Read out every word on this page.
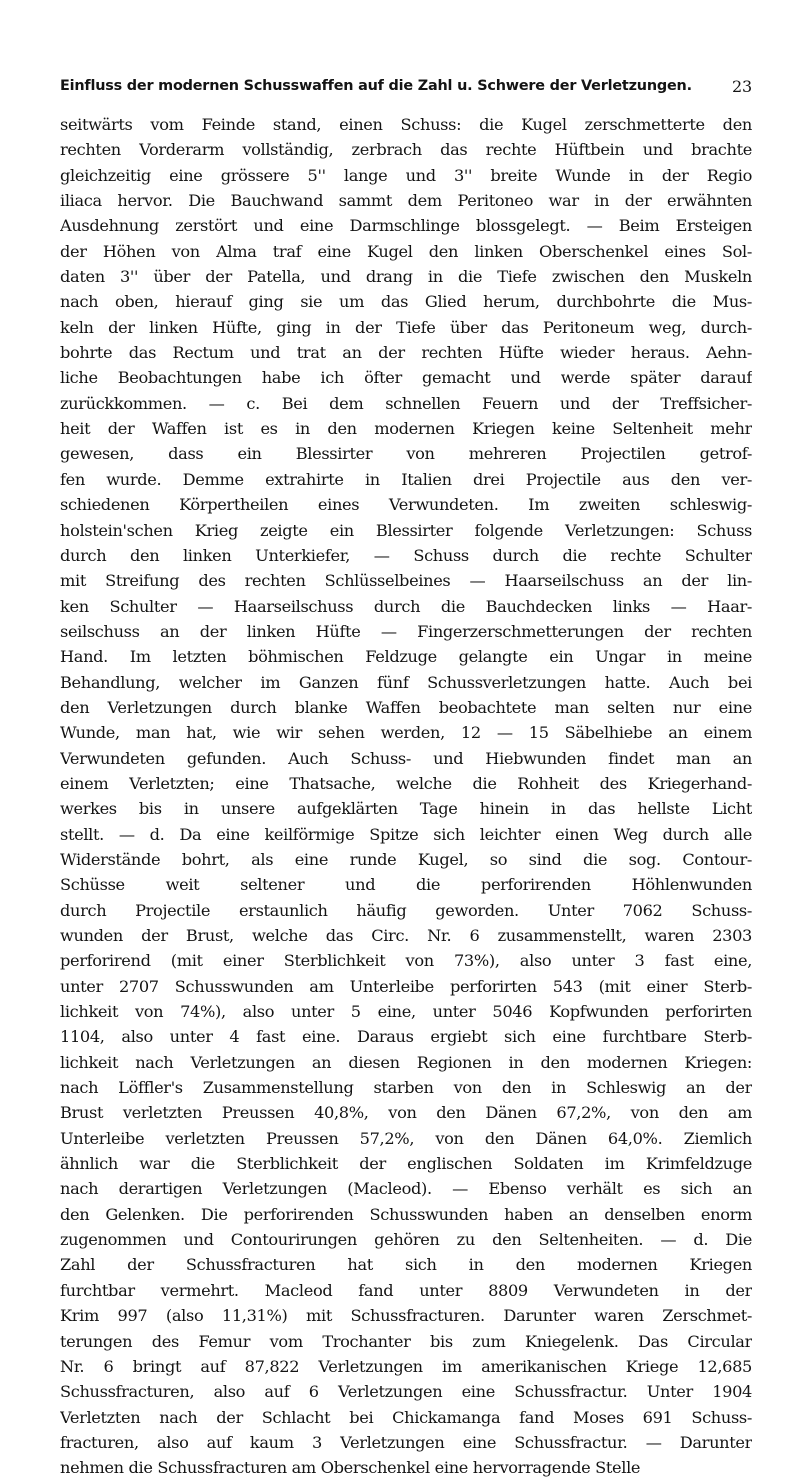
Einfluss der modernen Schusswaffen auf die Zahl u. Schwere der Verletzungen.	23
seitwärts vom Feinde stand, einen Schuss: die Kugel zerschmetterte den
rechten Vorderarm vollständig, zerbrach das rechte Hüftbein und brachte
gleichzeitig eine grössere 5'' lange und 3'' breite Wunde in der Regio
iliaca hervor. Die Bauchwand sammt dem Peritoneo war in der erwähnten
Ausdehnung zerstört und eine Darmschlinge blossgelegt. — Beim Ersteigen
der Höhen von Alma traf eine Kugel den linken Oberschenkel eines Sol-
daten 3'' über der Patella, und drang in die Tiefe zwischen den Muskeln
nach oben, hierauf ging sie um das Glied herum, durchbohrte die Mus-
keln der linken Hüfte, ging in der Tiefe über das Peritoneum weg, durch-
bohrte das Rectum und trat an der rechten Hüfte wieder heraus. Aehn-
liche Beobachtungen habe ich öfter gemacht und werde später darauf
zurückkommen. — c. Bei dem schnellen Feuern und der Treffsicher-
heit der Waffen ist es in den modernen Kriegen keine Seltenheit mehr
gewesen, dass ein Blessirter von mehreren Projectilen getrof-
fen wurde. Demme extrahirte in Italien drei Projectile aus den ver-
schiedenen Körpertheilen eines Verwundeten. Im zweiten schleswig-
holstein'schen Krieg zeigte ein Blessirter folgende Verletzungen: Schuss
durch den linken Unterkiefer, — Schuss durch die rechte Schulter
mit Streifung des rechten Schlüsselbeines — Haarseilschuss an der lin-
ken Schulter — Haarseilschuss durch die Bauchdecken links — Haar-
seilschuss an der linken Hüfte — Fingerzerschmetterungen der rechten
Hand. Im letzten böhmischen Feldzuge gelangte ein Ungar in meine
Behandlung, welcher im Ganzen fünf Schussverletzungen hatte. Auch bei
den Verletzungen durch blanke Waffen beobachtete man selten nur eine
Wunde, man hat, wie wir sehen werden, 12 — 15 Säbelhiebe an einem
Verwundeten gefunden. Auch Schuss- und Hiebwunden findet man an
einem Verletzten; eine Thatsache, welche die Rohheit des Kriegerhand-
werkes bis in unsere aufgeklärten Tage hinein in das hellste Licht
stellt. — d. Da eine keilförmige Spitze sich leichter einen Weg durch alle
Widerstände bohrt, als eine runde Kugel, so sind die sog. Contour-
Schüsse weit seltener und die perforirenden Höhlenwunden
durch Projectile erstaunlich häufig geworden. Unter 7062 Schuss-
wunden der Brust, welche das Circ. Nr. 6 zusammenstellt, waren 2303
perforirend (mit einer Sterblichkeit von 73%), also unter 3 fast eine,
unter 2707 Schusswunden am Unterleibe perforirten 543 (mit einer Sterb-
lichkeit von 74%), also unter 5 eine, unter 5046 Kopfwunden perforirten
1104, also unter 4 fast eine. Daraus ergiebt sich eine furchtbare Sterb-
lichkeit nach Verletzungen an diesen Regionen in den modernen Kriegen:
nach Löffler's Zusammenstellung starben von den in Schleswig an der
Brust verletzten Preussen 40,8%, von den Dänen 67,2%, von den am
Unterleibe verletzten Preussen 57,2%, von den Dänen 64,0%. Ziemlich
ähnlich war die Sterblichkeit der englischen Soldaten im Krimfeldzuge
nach derartigen Verletzungen (Macleod). — Ebenso verhält es sich an
den Gelenken. Die perforirenden Schusswunden haben an denselben enorm
zugenommen und Contourirungen gehören zu den Seltenheiten. — d. Die
Zahl der Schussfracturen hat sich in den modernen Kriegen
furchtbar vermehrt. Macleod fand unter 8809 Verwundeten in der
Krim 997 (also 11,31%) mit Schussfracturen. Darunter waren Zerschmet-
terungen des Femur vom Trochanter bis zum Kniegelenk. Das Circular
Nr. 6 bringt auf 87,822 Verletzungen im amerikanischen Kriege 12,685
Schussfracturen, also auf 6 Verletzungen eine Schussfractur. Unter 1904
Verletzten nach der Schlacht bei Chickamanga fand Moses 691 Schuss-
fracturen, also auf kaum 3 Verletzungen eine Schussfractur. — Darunter
nehmen die Schussfracturen am Oberschenkel eine hervorragende Stelle
